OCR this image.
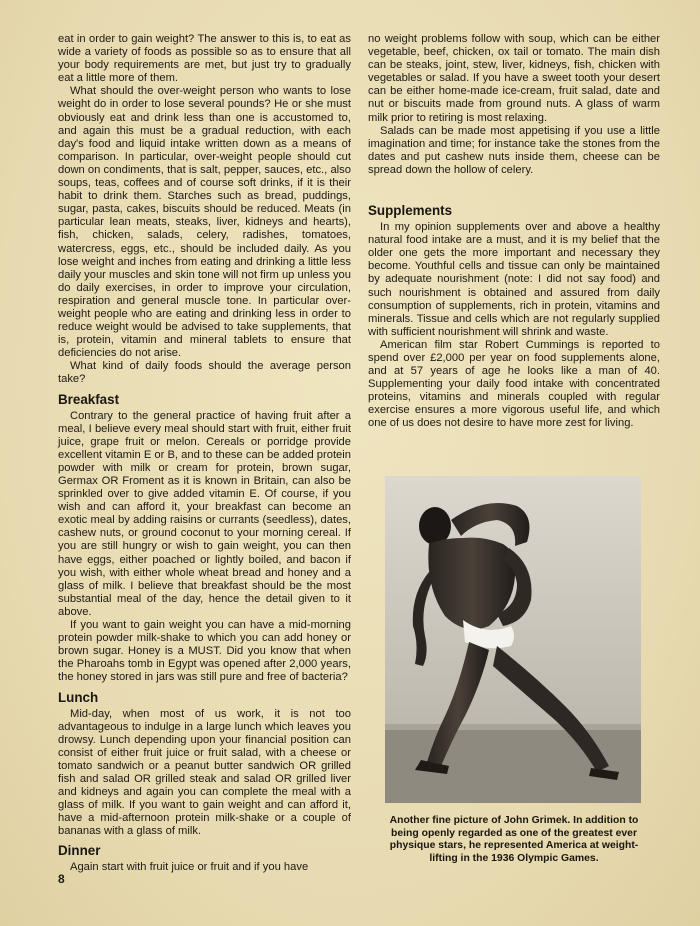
eat in order to gain weight? The answer to this is, to eat as wide a variety of foods as possible so as to ensure that all your body requirements are met, but just try to gradually eat a little more of them.

What should the over-weight person who wants to lose weight do in order to lose several pounds? He or she must obviously eat and drink less than one is accustomed to, and again this must be a gradual reduction, with each day's food and liquid intake written down as a means of comparison. In particular, over-weight people should cut down on condiments, that is salt, pepper, sauces, etc., also soups, teas, coffees and of course soft drinks, if it is their habit to drink them. Starches such as bread, puddings, sugar, pasta, cakes, biscuits should be reduced. Meats (in particular lean meats, steaks, liver, kidneys and hearts), fish, chicken, salads, celery, radishes, tomatoes, watercress, eggs, etc., should be included daily. As you lose weight and inches from eating and drinking a little less daily your muscles and skin tone will not firm up unless you do daily exercises, in order to improve your circulation, respiration and general muscle tone. In particular over-weight people who are eating and drinking less in order to reduce weight would be advised to take supplements, that is, protein, vitamin and mineral tablets to ensure that deficiencies do not arise.

What kind of daily foods should the average person take?

Breakfast

Contrary to the general practice of having fruit after a meal, I believe every meal should start with fruit, either fruit juice, grape fruit or melon. Cereals or porridge provide excellent vitamin E or B, and to these can be added protein powder with milk or cream for protein, brown sugar, Germax OR Froment as it is known in Britain, can also be sprinkled over to give added vitamin E. Of course, if you wish and can afford it, your breakfast can become an exotic meal by adding raisins or currants (seedless), dates, cashew nuts, or ground coconut to your morning cereal. If you are still hungry or wish to gain weight, you can then have eggs, either poached or lightly boiled, and bacon if you wish, with either whole wheat bread and honey and a glass of milk. I believe that breakfast should be the most substantial meal of the day, hence the detail given to it above.

If you want to gain weight you can have a mid-morning protein powder milk-shake to which you can add honey or brown sugar. Honey is a MUST. Did you know that when the Pharoahs tomb in Egypt was opened after 2,000 years, the honey stored in jars was still pure and free of bacteria?

Lunch

Mid-day, when most of us work, it is not too advantageous to indulge in a large lunch which leaves you drowsy. Lunch depending upon your financial position can consist of either fruit juice or fruit salad, with a cheese or tomato sandwich or a peanut butter sandwich OR grilled fish and salad OR grilled steak and salad OR grilled liver and kidneys and again you can complete the meal with a glass of milk. If you want to gain weight and can afford it, have a mid-afternoon protein milk-shake or a couple of bananas with a glass of milk.

Dinner

Again start with fruit juice or fruit and if you have

no weight problems follow with soup, which can be either vegetable, beef, chicken, ox tail or tomato. The main dish can be steaks, joint, stew, liver, kidneys, fish, chicken with vegetables or salad. If you have a sweet tooth your desert can be either home-made ice-cream, fruit salad, date and nut or biscuits made from ground nuts. A glass of warm milk prior to retiring is most relaxing.

Salads can be made most appetising if you use a little imagination and time; for instance take the stones from the dates and put cashew nuts inside them, cheese can be spread down the hollow of celery.

Supplements

In my opinion supplements over and above a healthy natural food intake are a must, and it is my belief that the older one gets the more important and necessary they become. Youthful cells and tissue can only be maintained by adequate nourishment (note: I did not say food) and such nourishment is obtained and assured from daily consumption of supplements, rich in protein, vitamins and minerals. Tissue and cells which are not regularly supplied with sufficient nourishment will shrink and waste.

American film star Robert Cummings is reported to spend over £2,000 per year on food supplements alone, and at 57 years of age he looks like a man of 40. Supplementing your daily food intake with concentrated proteins, vitamins and minerals coupled with regular exercise ensures a more vigorous useful life, and which one of us does not desire to have more zest for living.

Another fine picture of John Grimek. In addition to being openly regarded as one of the greatest ever physique stars, he represented America at weight-lifting in the 1936 Olympic Games.
8
